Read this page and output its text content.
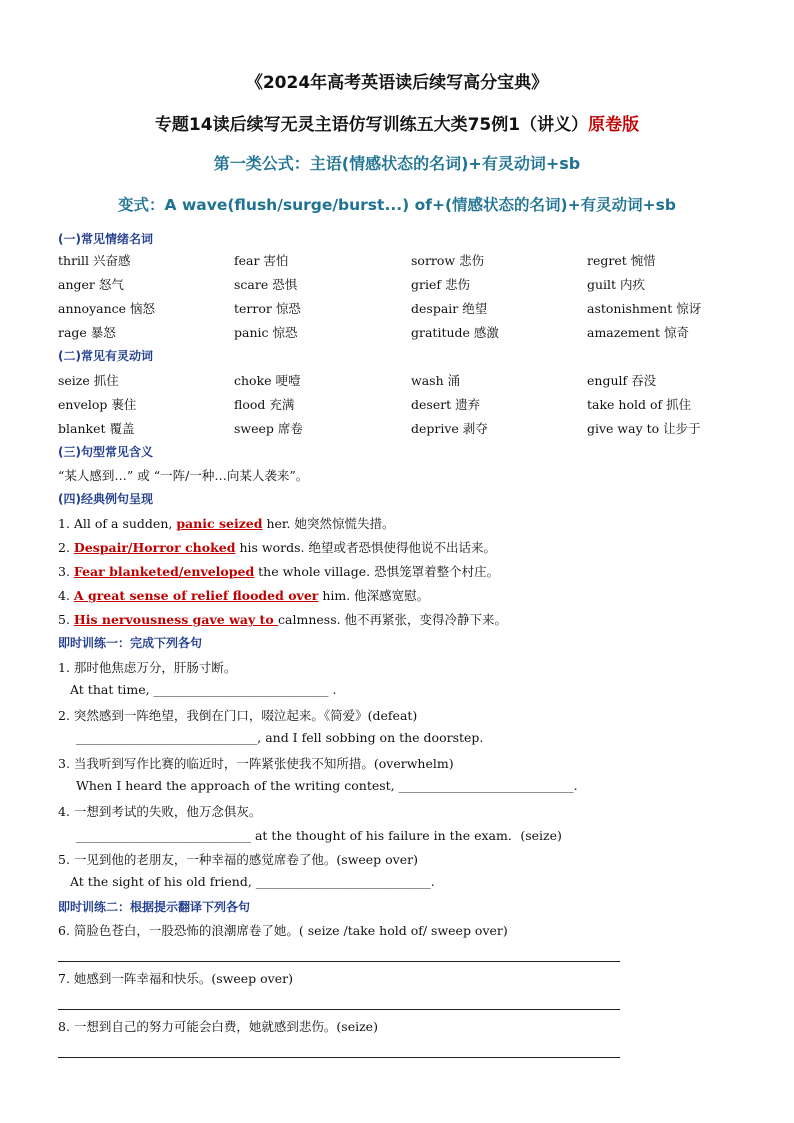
《2024年高考英语读后续写高分宝典》
专题14读后续写无灵主语仿写训练五大类75例1（讲义）原卷版
第一类公式：主语(情感状态的名词)+有灵动词+sb
变式：A wave(flush/surge/burst...) of+(情感状态的名词)+有灵动词+sb
(一)常见情绪名词
thrill 兴奋感	fear 害怕	sorrow 悲伤	regret 惋惜
anger 怒气	scare 恐惧	grief 悲伤	guilt 内疚
annoyance 恼怒	terror 惊恐	despair 绝望	astonishment 惊讶
rage 暴怒	panic 惊恐	gratitude 感激	amazement 惊奇
(二)常见有灵动词
seize 抓住	choke 哽噎	wash 涌	engulf 吞没
envelop 裹住	flood 充满	desert 遗弃	take hold of 抓住
blanket 覆盖	sweep 席卷	deprive 剥夺	give way to 让步于
(三)句型常见含义
“某人感到…” 或 “一阵/一种…向某人袭来”。
(四)经典例句呈现
1. All of a sudden, panic seized her. 她突然惊慌失措。
2. Despair/Horror choked his words. 绝望或者恐惧使得他说不出话来。
3. Fear blanketed/enveloped the whole village. 恐惧笼罩着整个村庄。
4. A great sense of relief flooded over him. 他深感宽慰。
5. His nervousness gave way to calmness. 他不再紧张，变得冷静下来。
即时训练一：完成下列各句
1. 那时他焦虑万分，肝肠寸断。
At that time, ____________________________ .
2. 突然感到一阵绝望，我倒在门口，啜泣起来。《简爱》(defeat)
_____________________________, and I fell sobbing on the doorstep.
3. 当我听到写作比赛的临近时，一阵紧张使我不知所措。(overwhelm)
When I heard the approach of the writing contest, ____________________________.
4. 一想到考试的失败，他万念俱灰。
____________________________ at the thought of his failure in the exam．(seize)
5. 一见到他的老朋友，一种幸福的感觉席卷了他。(sweep over)
At the sight of his old friend, ____________________________.
即时训练二：根据提示翻译下列各句
6. 简脸色苍白，一股恐怖的浪潮席卷了她。( seize /take hold of/ sweep over)
7. 她感到一阵幸福和快乐。(sweep over)
8. 一想到自己的努力可能会白费，她就感到悲伤。(seize)
